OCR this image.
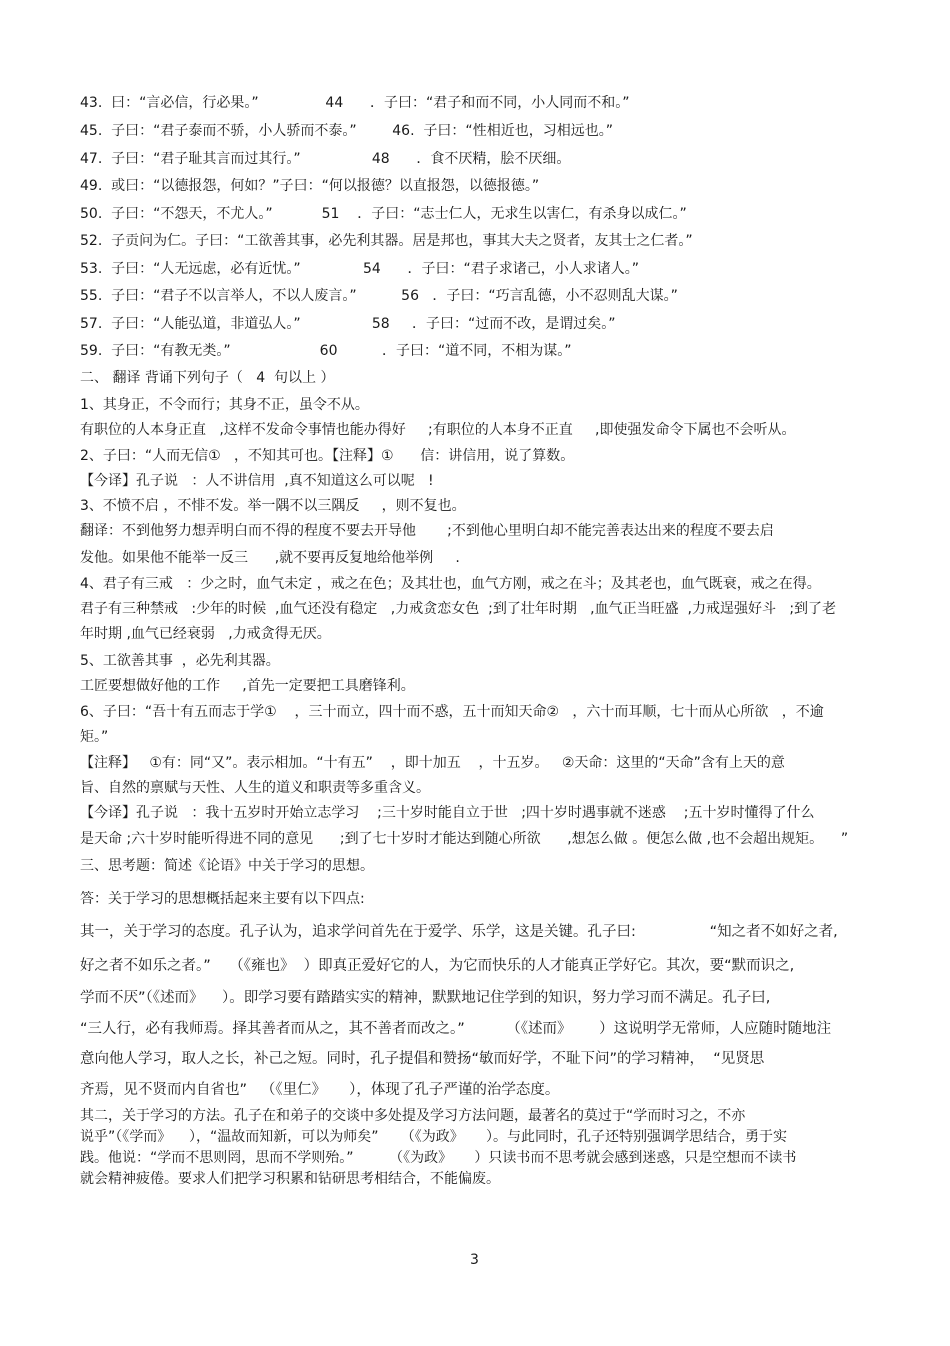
43.  曰：“言必信，行必果。”               44      ．子曰：“君子和而不同，小人同而不和。”
45.  子曰：“君子泰而不骄，小人骄而不泰。”        46.  子曰：“性相近也，习相远也。”
47.  子曰：“君子耻其言而过其行。”                48      ．食不厌精，脍不厌细。
49.  或曰：“以德报怨，何如？”子曰：“何以报德？以直报怨，以德报德。”
50.  子曰：“不怨天，不尤人。”           51    ．子曰：“志士仁人，无求生以害仁，有杀身以成仁。”
52.  子贡问为仁。子曰：“工欲善其事，必先利其器。居是邦也，事其大夫之贤者，友其士之仁者。”
53.  子曰：“人无远虑，必有近忧。”              54      ．子曰：“君子求诸己，小人求诸人。”
55.  子曰：“君子不以言举人，不以人废言。”          56   ．子曰：“巧言乱德，小不忍则乱大谋。”
57.  子曰：“人能弘道，非道弘人。”                58     ．子曰：“过而不改，是谓过矣。”
59.  子曰：“有教无类。”                    60          ．子曰：“道不同，不相为谋。”
二、 翻译 背诵下列句子（   4  句以上 ）
1、其身正，不令而行；其身不正，虽令不从。
有职位的人本身正直   ,这样不发命令事情也能办得好     ;有职位的人本身不正直     ,即使强发命令下属也不会听从。
2、子曰：“人而无信①   ，不知其可也。【注释】①      信：讲信用，说了算数。
【今译】孔子说   ：人不讲信用  ,真不知道这么可以呢   !
3、不愤不启 ，不悱不发。举一隅不以三隅反     ，则不复也。
翻译：不到他努力想弄明白而不得的程度不要去开导他       ;不到他心里明白却不能完善表达出来的程度不要去启
发他。如果他不能举一反三      ,就不要再反复地给他举例     .
4、君子有三戒   ：少之时，血气未定 ，戒之在色；及其壮也，血气方刚，戒之在斗；及其老也，血气既衰，戒之在得。
君子有三种禁戒   :少年的时候  ,血气还没有稳定   ,力戒贪恋女色  ;到了壮年时期   ,血气正当旺盛  ,力戒逞强好斗   ;到了老
年时期 ,血气已经衰弱   ,力戒贪得无厌。
5、工欲善其事  ，必先利其器。
工匠要想做好他的工作     ,首先一定要把工具磨锋利。
6、子曰：“吾十有五而志于学①    ，三十而立，四十而不惑，五十而知天命②   ，六十而耳顺，七十而从心所欲   ，不逾
矩。”
【注释】   ①有：同“又”。表示相加。“十有五”    ，即十加五    ，十五岁。   ②天命：这里的“天命”含有上天的意
旨、自然的禀赋与天性、人生的道义和职责等多重含义。
【今译】孔子说   ：我十五岁时开始立志学习    ;三十岁时能自立于世   ;四十岁时遇事就不迷惑    ;五十岁时懂得了什么
是天命 ;六十岁时能听得进不同的意见      ;到了七十岁时才能达到随心所欲      ,想怎么做 。便怎么做 ,也不会超出规矩。    ”
三、思考题：简述《论语》中关于学习的思想。
答：关于学习的思想概括起来主要有以下四点:
其一，关于学习的态度。孔子认为，追求学问首先在于爱学、乐学，这是关键。孔子曰:                “知之者不如好之者,
好之者不如乐之者。”    （《雍也》  ）即真正爱好它的人，为它而快乐的人才能真正学好它。其次，要“默而识之,
学而不厌”（《述而》    ）。即学习要有踏踏实实的精神，默默地记住学到的知识，努力学习而不满足。孔子曰,
“三人行，必有我师焉。择其善者而从之，其不善者而改之。”         （《述而》      ）这说明学无常师，人应随时随地注
意向他人学习，取人之长，补己之短。同时，孔子提倡和赞扬“敏而好学，不耻下问”的学习精神，  “见贤思
齐焉，见不贤而内自省也”   （《里仁》     ），体现了孔子严谨的治学态度。
其二，关于学习的方法。孔子在和弟子的交谈中多处提及学习方法问题，最著名的莫过于“学而时习之，不亦
说乎”（《学而》    ），“温故而知新，可以为师矣”     （《为政》     ）。与此同时，孔子还特别强调学思结合，勇于实
践。他说：“学而不思则罔，思而不学则殆。”        （《为政》     ）只读书而不思考就会感到迷惑，只是空想而不读书
就会精神疲倦。要求人们把学习积累和钻研思考相结合，不能偏废。
3
